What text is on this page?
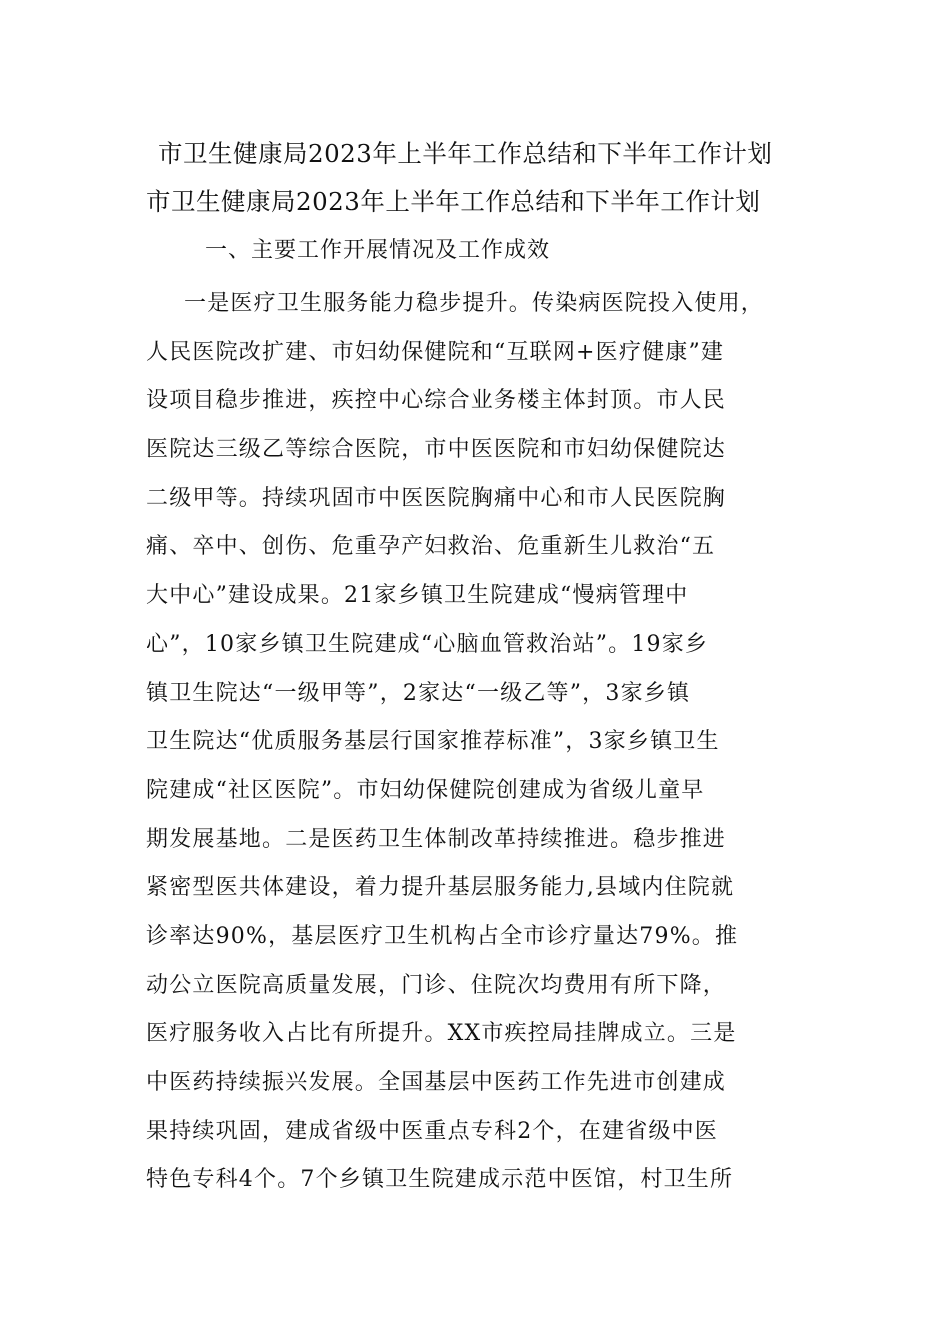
市卫生健康局2023年上半年工作总结和下半年工作计划
市卫生健康局2023年上半年工作总结和下半年工作计划
一、主要工作开展情况及工作成效
一是医疗卫生服务能力稳步提升。传染病医院投入使用，
人民医院改扩建、市妇幼保健院和“互联网+医疗健康”建
设项目稳步推进，疾控中心综合业务楼主体封顶。市人民
医院达三级乙等综合医院，市中医医院和市妇幼保健院达
二级甲等。持续巩固市中医医院胸痛中心和市人民医院胸
痛、卒中、创伤、危重孕产妇救治、危重新生儿救治“五
大中心”建设成果。21家乡镇卫生院建成“慢病管理中
心”，10家乡镇卫生院建成“心脑血管救治站”。19家乡
镇卫生院达“一级甲等”，2家达“一级乙等”，3家乡镇
卫生院达“优质服务基层行国家推荐标准”，3家乡镇卫生
院建成“社区医院”。市妇幼保健院创建成为省级儿童早
期发展基地。二是医药卫生体制改革持续推进。稳步推进
紧密型医共体建设，着力提升基层服务能力,县域内住院就
诊率达90%，基层医疗卫生机构占全市诊疗量达79%。推
动公立医院高质量发展，门诊、住院次均费用有所下降，
医疗服务收入占比有所提升。XX市疾控局挂牌成立。三是
中医药持续振兴发展。全国基层中医药工作先进市创建成
果持续巩固，建成省级中医重点专科2个，在建省级中医
特色专科4个。7个乡镇卫生院建成示范中医馆，村卫生所
